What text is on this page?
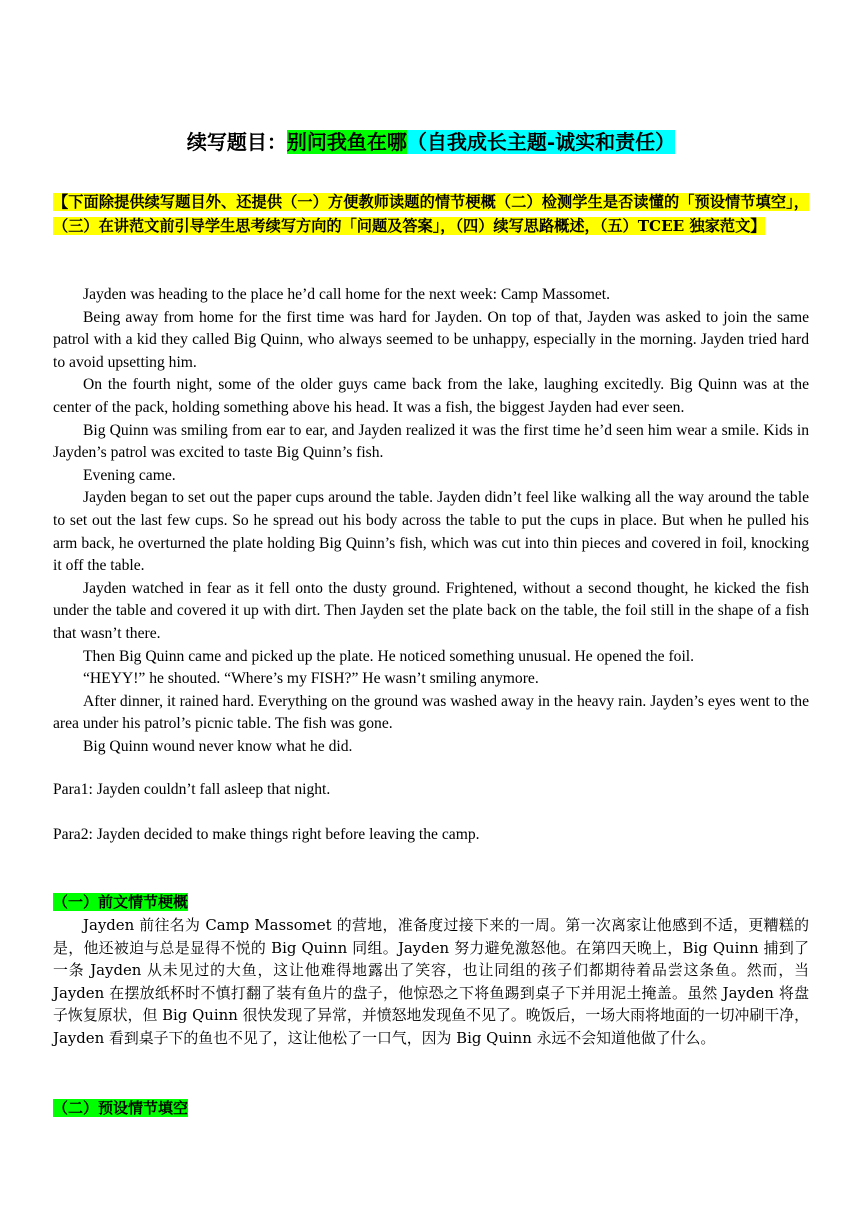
续写题目：别问我鱼在哪（自我成长主题-诚实和责任）
【下面除提供续写题目外、还提供（一）方便教师读题的情节梗概（二）检测学生是否读懂的「预设情节填空」，（三）在讲范文前引导学生思考续写方向的「问题及答案」，（四）续写思路概述，（五）TCEE 独家范文】

Jayden was heading to the place he’d call home for the next week: Camp Massomet.

Being away from home for the first time was hard for Jayden. On top of that, Jayden was asked to join the same patrol with a kid they called Big Quinn, who always seemed to be unhappy, especially in the morning. Jayden tried hard to avoid upsetting him.

On the fourth night, some of the older guys came back from the lake, laughing excitedly. Big Quinn was at the center of the pack, holding something above his head. It was a fish, the biggest Jayden had ever seen.

Big Quinn was smiling from ear to ear, and Jayden realized it was the first time he’d seen him wear a smile. Kids in Jayden’s patrol was excited to taste Big Quinn’s fish.

Evening came.

Jayden began to set out the paper cups around the table. Jayden didn’t feel like walking all the way around the table to set out the last few cups. So he spread out his body across the table to put the cups in place. But when he pulled his arm back, he overturned the plate holding Big Quinn’s fish, which was cut into thin pieces and covered in foil, knocking it off the table.

Jayden watched in fear as it fell onto the dusty ground. Frightened, without a second thought, he kicked the fish under the table and covered it up with dirt. Then Jayden set the plate back on the table, the foil still in the shape of a fish that wasn’t there.

Then Big Quinn came and picked up the plate. He noticed something unusual. He opened the foil.

“HEYY!” he shouted. “Where’s my FISH?” He wasn’t smiling anymore.

After dinner, it rained hard. Everything on the ground was washed away in the heavy rain. Jayden’s eyes went to the area under his patrol’s picnic table. The fish was gone.

Big Quinn wound never know what he did.

Para1: Jayden couldn’t fall asleep that night.
Para2: Jayden decided to make things right before leaving the camp.
（一）前文情节梗概

Jayden 前往名为 Camp Massomet 的营地，准备度过接下来的一周。第一次离家让他感到不适，更糟糕的是，他还被迫与总是显得不悦的 Big Quinn 同组。Jayden 努力避免激怒他。在第四天晚上，Big Quinn 捕到了一条 Jayden 从未见过的大鱼，这让他难得地露出了笑容，也让同组的孩子们都期待着品尝这条鱼。然而，当 Jayden 在摆放纸杯时不慎打翻了装有鱼片的盘子，他惊恐之下将鱼踢到桌子下并用泥土掩盖。虽然 Jayden 将盘子恢复原状，但 Big Quinn 很快发现了异常，并愤怒地发现鱼不见了。晚饭后，一场大雨将地面的一切冲刷干净，Jayden 看到桌子下的鱼也不见了，这让他松了一口气，因为 Big Quinn 永远不会知道他做了什么。

（二）预设情节填空
